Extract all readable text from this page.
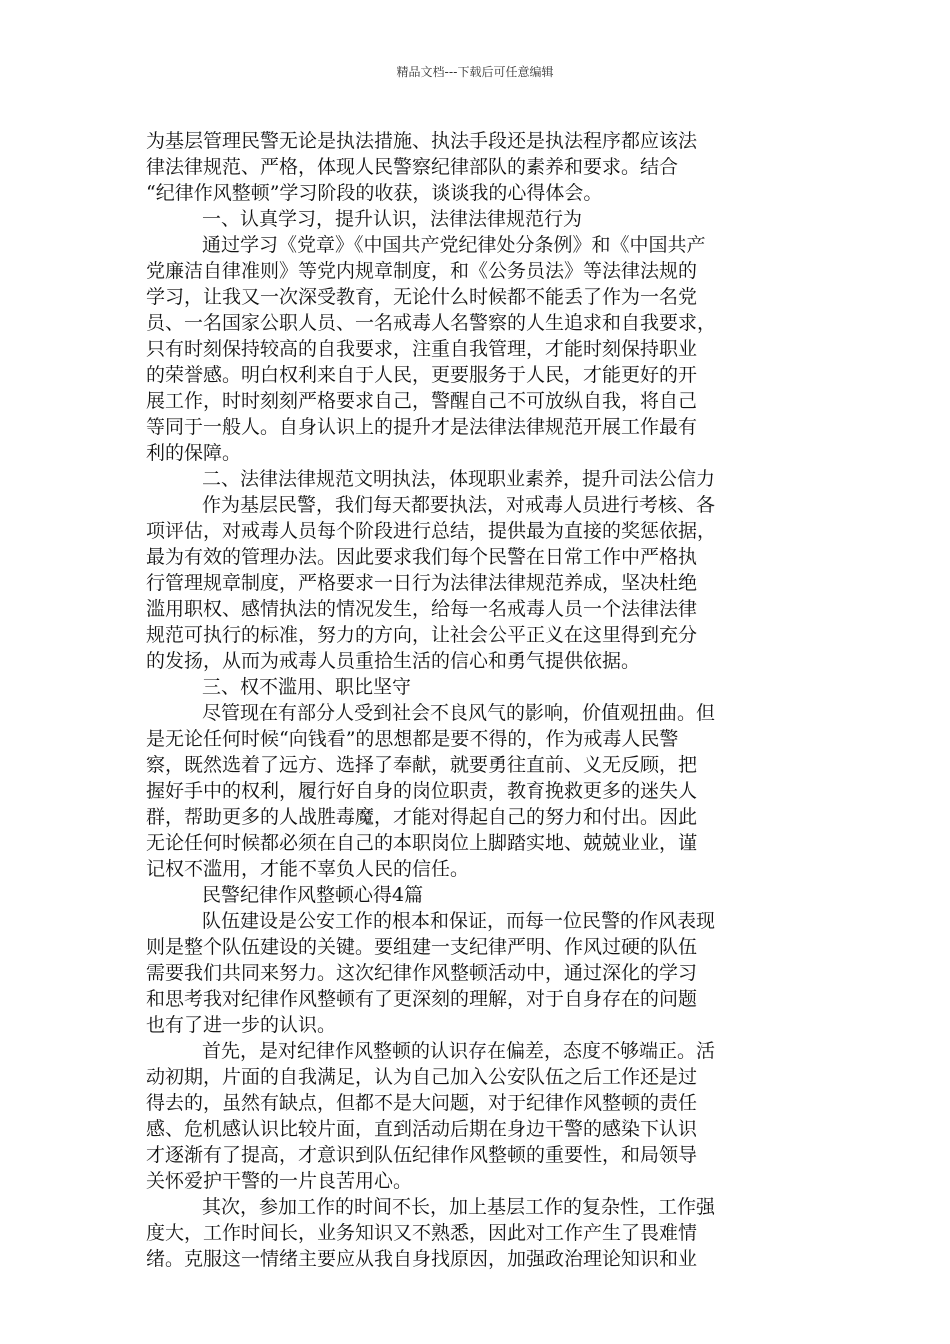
精品文档---下载后可任意编辑
为基层管理民警无论是执法措施、执法手段还是执法程序都应该法
律法律规范、严格，体现人民警察纪律部队的素养和要求。结合
“纪律作风整顿”学习阶段的收获，谈谈我的心得体会。
一、认真学习，提升认识，法律法律规范行为
通过学习《党章》《中国共产党纪律处分条例》和《中国共产
党廉洁自律准则》等党内规章制度，和《公务员法》等法律法规的
学习，让我又一次深受教育，无论什么时候都不能丢了作为一名党
员、一名国家公职人员、一名戒毒人名警察的人生追求和自我要求，
只有时刻保持较高的自我要求，注重自我管理，才能时刻保持职业
的荣誉感。明白权利来自于人民，更要服务于人民，才能更好的开
展工作，时时刻刻严格要求自己，警醒自己不可放纵自我，将自己
等同于一般人。自身认识上的提升才是法律法律规范开展工作最有
利的保障。
二、法律法律规范文明执法，体现职业素养，提升司法公信力
作为基层民警，我们每天都要执法，对戒毒人员进行考核、各
项评估，对戒毒人员每个阶段进行总结，提供最为直接的奖惩依据，
最为有效的管理办法。因此要求我们每个民警在日常工作中严格执
行管理规章制度，严格要求一日行为法律法律规范养成，坚决杜绝
滥用职权、感情执法的情况发生，给每一名戒毒人员一个法律法律
规范可执行的标准，努力的方向，让社会公平正义在这里得到充分
的发扬，从而为戒毒人员重拾生活的信心和勇气提供依据。
三、权不滥用、职比坚守
尽管现在有部分人受到社会不良风气的影响，价值观扭曲。但
是无论任何时候“向钱看”的思想都是要不得的，作为戒毒人民警
察，既然选着了远方、选择了奉献，就要勇往直前、义无反顾，把
握好手中的权利，履行好自身的岗位职责，教育挽救更多的迷失人
群，帮助更多的人战胜毒魔，才能对得起自己的努力和付出。因此
无论任何时候都必须在自己的本职岗位上脚踏实地、兢兢业业，谨
记权不滥用，才能不辜负人民的信任。
民警纪律作风整顿心得4篇
队伍建设是公安工作的根本和保证，而每一位民警的作风表现
则是整个队伍建设的关键。要组建一支纪律严明、作风过硬的队伍
需要我们共同来努力。这次纪律作风整顿活动中，通过深化的学习
和思考我对纪律作风整顿有了更深刻的理解，对于自身存在的问题
也有了进一步的认识。
首先，是对纪律作风整顿的认识存在偏差，态度不够端正。活
动初期，片面的自我满足，认为自己加入公安队伍之后工作还是过
得去的，虽然有缺点，但都不是大问题，对于纪律作风整顿的责任
感、危机感认识比较片面，直到活动后期在身边干警的感染下认识
才逐渐有了提高，才意识到队伍纪律作风整顿的重要性，和局领导
关怀爱护干警的一片良苦用心。
其次，参加工作的时间不长，加上基层工作的复杂性，工作强
度大，工作时间长，业务知识又不熟悉，因此对工作产生了畏难情
绪。克服这一情绪主要应从我自身找原因，加强政治理论知识和业
